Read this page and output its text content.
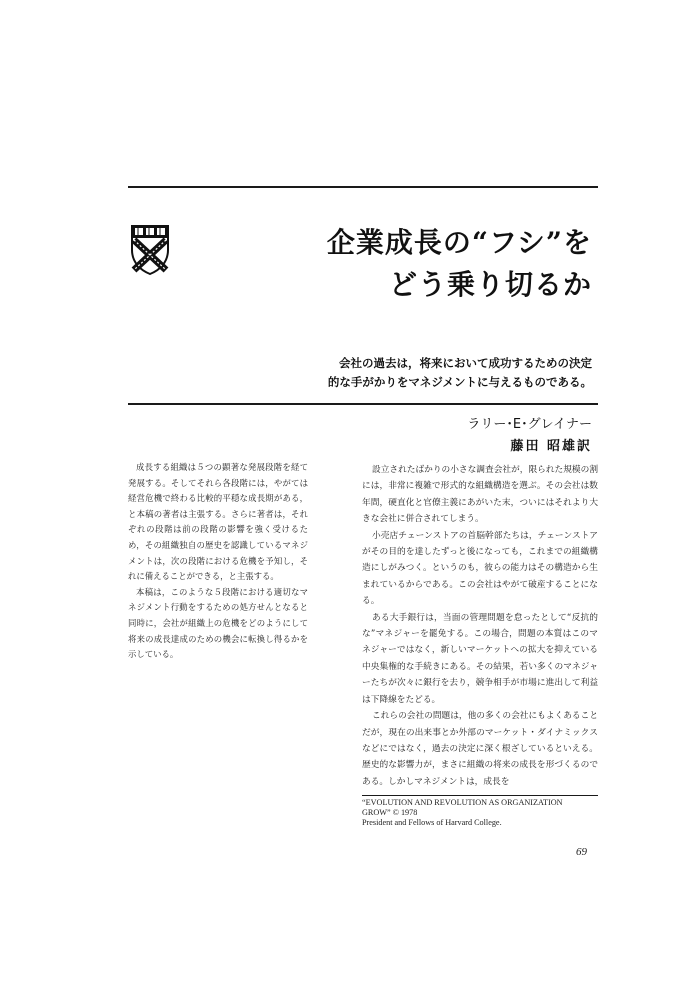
企業成長の“フシ”を
どう乗り切るか
会社の過去は，将来において成功するための決定
的な手がかりをマネジメントに与えるものである。
ラリー･E･グレイナー
藤田 昭雄訳

成長する組織は５つの顕著な発展段階を経て発展する。そしてそれら各段階には，やがては経営危機で終わる比較的平穏な成長期がある，と本稿の著者は主張する。さらに著者は，それぞれの段階は前の段階の影響を強く受けるため，その組織独自の歴史を認識しているマネジメントは，次の段階における危機を予知し，それに備えることができる，と主張する。

本稿は，このような５段階における適切なマネジメント行動をするための処方せんとなると同時に，会社が組織上の危機をどのようにして将来の成長達成のための機会に転換し得るかを示している。

設立されたばかりの小さな調査会社が，限られた規模の割には，非常に複雑で形式的な組織構造を選ぶ。その会社は数年間，硬直化と官僚主義にあがいた末，ついにはそれより大きな会社に併合されてしまう。

小売店チェーンストアの首脳幹部たちは，チェーンストアがその目的を達したずっと後になっても，これまでの組織構造にしがみつく。というのも，彼らの能力はその構造から生まれているからである。この会社はやがて破産することになる。

ある大手銀行は，当面の管理問題を怠ったとして“反抗的な”マネジャーを罷免する。この場合，問題の本質はこのマネジャーではなく，新しいマーケットへの拡大を抑えている中央集権的な手続きにある。その結果，若い多くのマネジャーたちが次々に銀行を去り，競争相手が市場に進出して利益は下降線をたどる。

これらの会社の問題は，他の多くの会社にもよくあることだが，現在の出来事とか外部のマーケット・ダイナミックスなどにではなく，過去の決定に深く根ざしているといえる。歴史的な影響力が，まさに組織の将来の成長を形づくるのである。しかしマネジメントは，成長を

“EVOLUTION AND REVOLUTION AS ORGANIZATION
GROW” © 1978
President and Fellows of Harvard College.
69
